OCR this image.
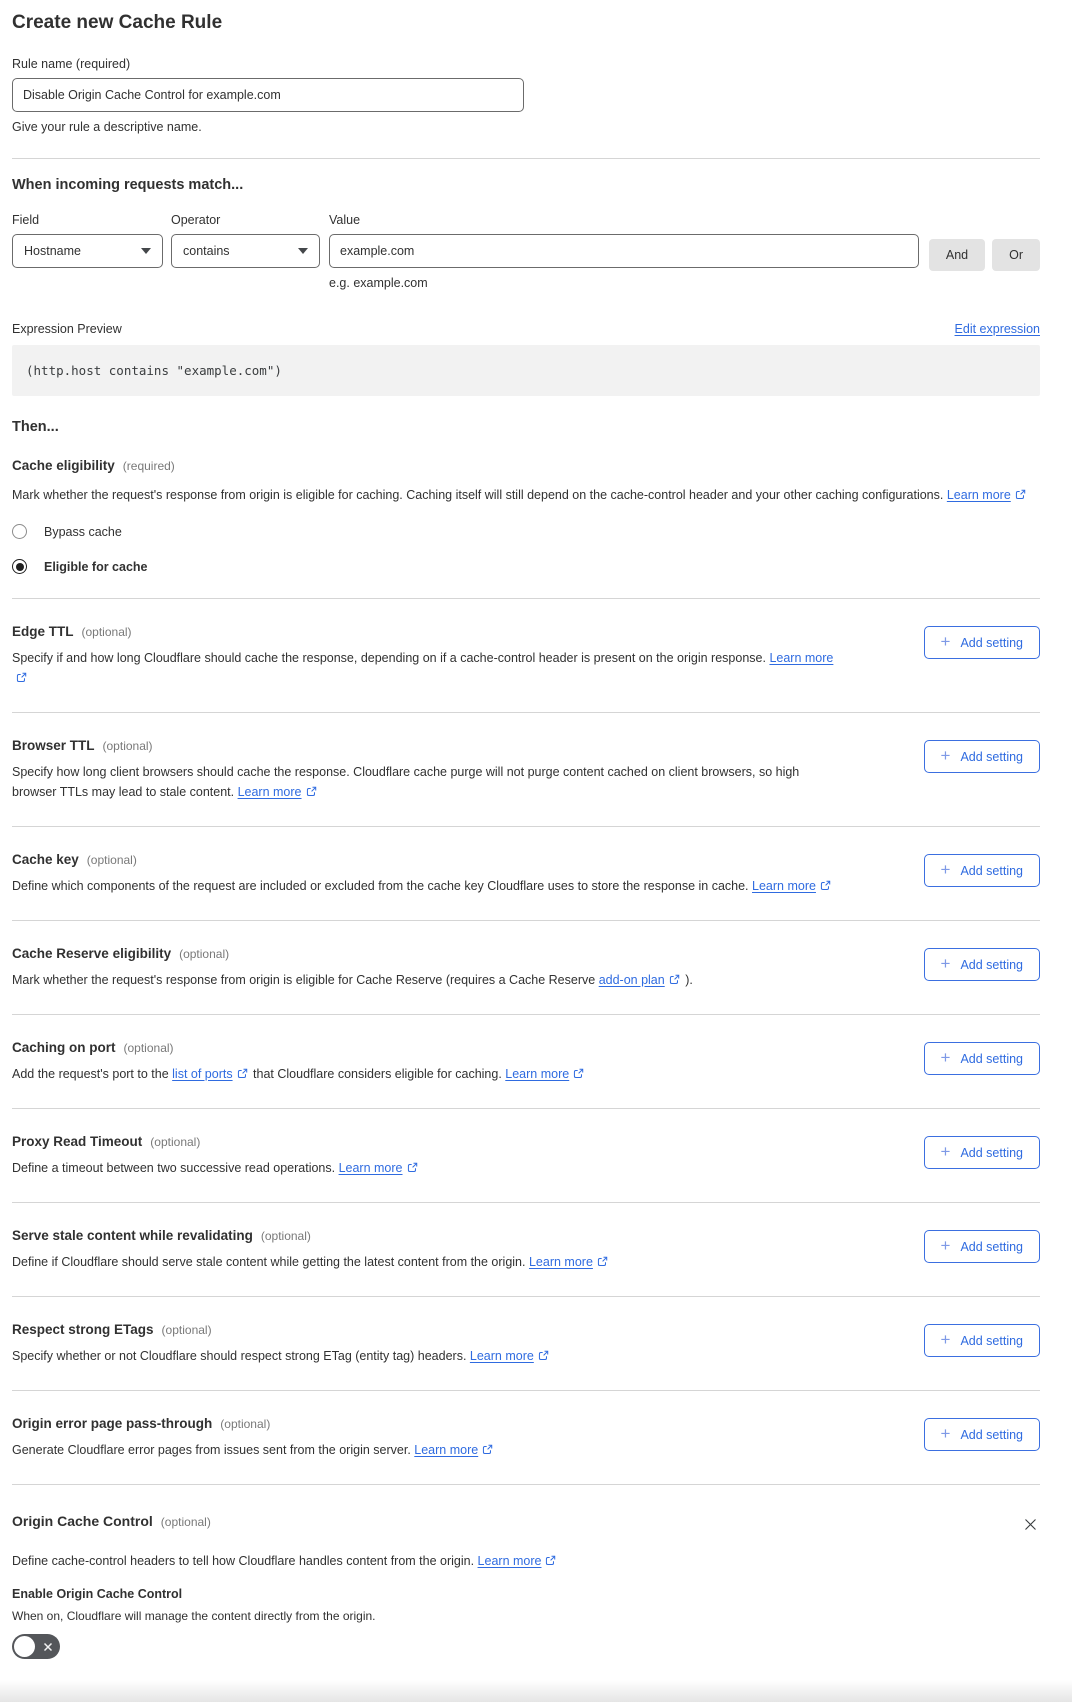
Create new Cache Rule
Rule name (required)
Disable Origin Cache Control for example.com
Give your rule a descriptive name.
When incoming requests match...
Field
Hostname
Operator
contains
Value
example.com
e.g. example.com
And	Or
Expression Preview	Edit expression
(http.host contains "example.com")
Then...
Cache eligibility (required)

Mark whether the request's response from origin is eligible for caching. Caching itself will still depend on the cache-control header and your other caching configurations. Learn more

Bypass cache
Eligible for cache
Edge TTL (optional)

Specify if and how long Cloudflare should cache the response, depending on if a cache-control header is present on the origin response. Learn more

+ Add setting
Browser TTL (optional)

Specify how long client browsers should cache the response. Cloudflare cache purge will not purge content cached on client browsers, so high browser TTLs may lead to stale content. Learn more

+ Add setting
Cache key (optional)

Define which components of the request are included or excluded from the cache key Cloudflare uses to store the response in cache. Learn more

+ Add setting
Cache Reserve eligibility (optional)

Mark whether the request's response from origin is eligible for Cache Reserve (requires a Cache Reserve add-on plan ).

+ Add setting
Caching on port (optional)

Add the request's port to the list of ports that Cloudflare considers eligible for caching. Learn more

+ Add setting
Proxy Read Timeout (optional)

Define a timeout between two successive read operations. Learn more

+ Add setting
Serve stale content while revalidating (optional)

Define if Cloudflare should serve stale content while getting the latest content from the origin. Learn more

+ Add setting
Respect strong ETags (optional)

Specify whether or not Cloudflare should respect strong ETag (entity tag) headers. Learn more

+ Add setting
Origin error page pass-through (optional)

Generate Cloudflare error pages from issues sent from the origin server. Learn more

+ Add setting
Origin Cache Control (optional)

Define cache-control headers to tell how Cloudflare handles content from the origin. Learn more

Enable Origin Cache Control

When on, Cloudflare will manage the content directly from the origin.
